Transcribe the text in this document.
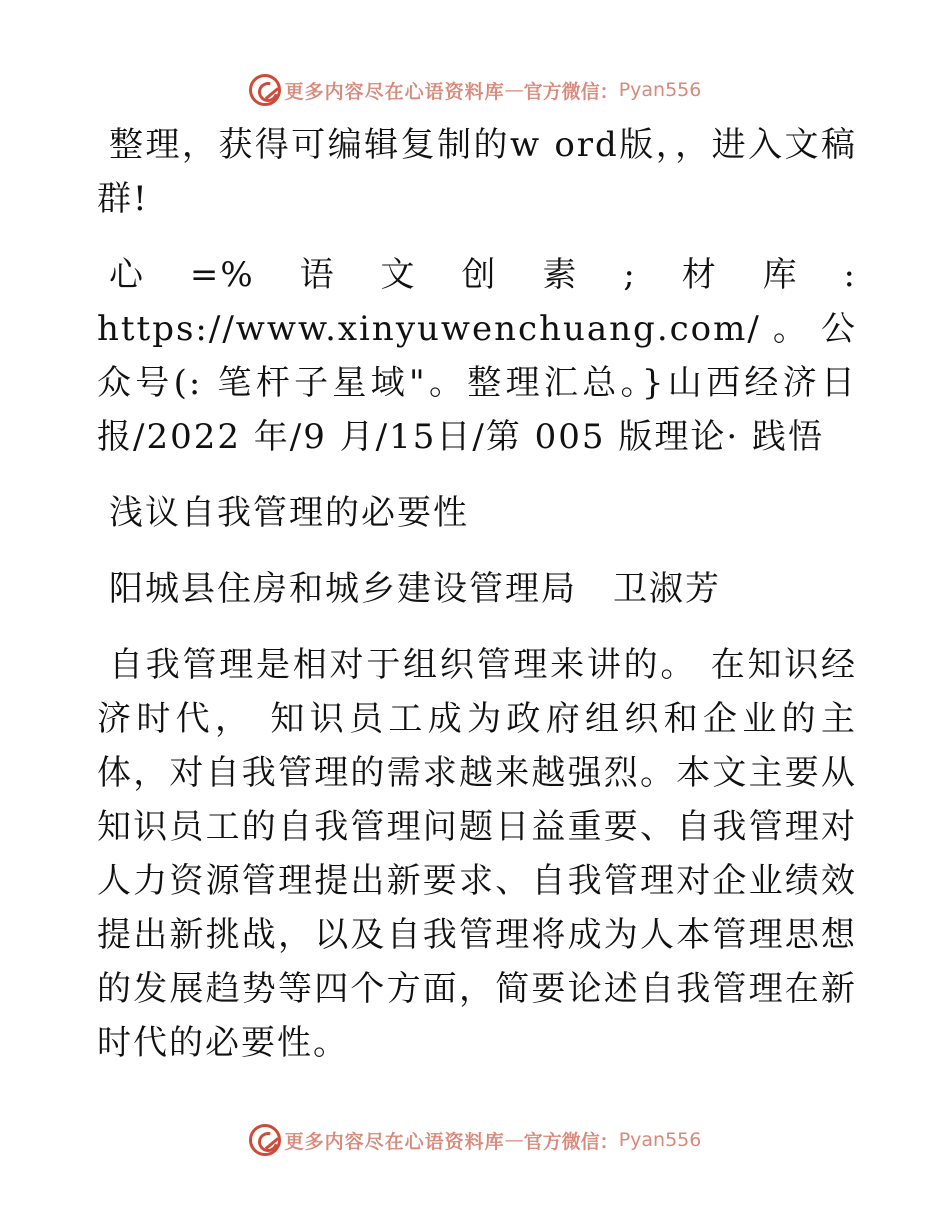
更多内容尽在心语资料库 — 官方微信： Pyan556

整理，获得可编辑复制的w ord版，，进入文稿群!

心=%语文创素;材库: https://www.xinyuwenchuang.com/。公众号(: 笔杆子星域"。整理汇总。}山西经济日报/2022 年/9 月/15日/第 005 版理论· 践悟

浅议自我管理的必要性

阳城县住房和城乡建设管理局　卫淑芳

自我管理是相对于组织管理来讲的。 在知识经济时代， 知识员工成为政府组织和企业的主体，对自我管理的需求越来越强烈。本文主要从知识员工的自我管理问题日益重要、自我管理对人力资源管理提出新要求、自我管理对企业绩效提出新挑战，以及自我管理将成为人本管理思想的发展趋势等四个方面，简要论述自我管理在新时代的必要性。

更多内容尽在心语资料库 — 官方微信： Pyan556
